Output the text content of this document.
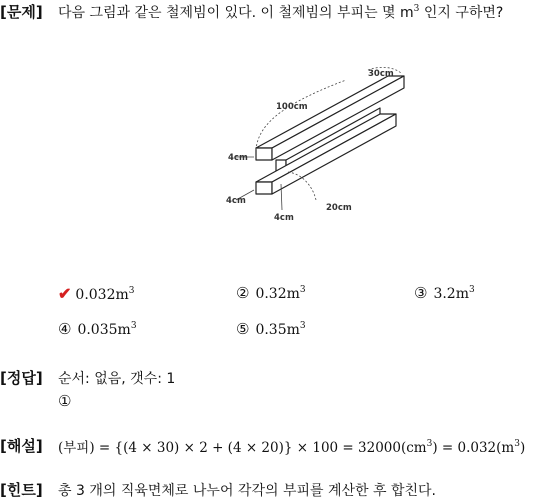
[문제] 다음 그림과 같은 철제빔이 있다. 이 철제빔의 부피는 몇 $m^3$ 인지 구하면?
30cm
100cm
4cm
4cm
4cm
20cm
✔ $0.032m^3$	② $0.32m^3$	③ $3.2m^3$
④ $0.035m^3$	⑤ $0.35m^3$
[정답] 순서: 없음, 갯수: 1
①
[해설] (부피) = $\{(4 \times 30) \times 2 + (4 \times 20)\} \times 100 = 32000(cm^3) = 0.032(m^3)$
[힌트] 총 3 개의 직육면체로 나누어 각각의 부피를 계산한 후 합친다.
